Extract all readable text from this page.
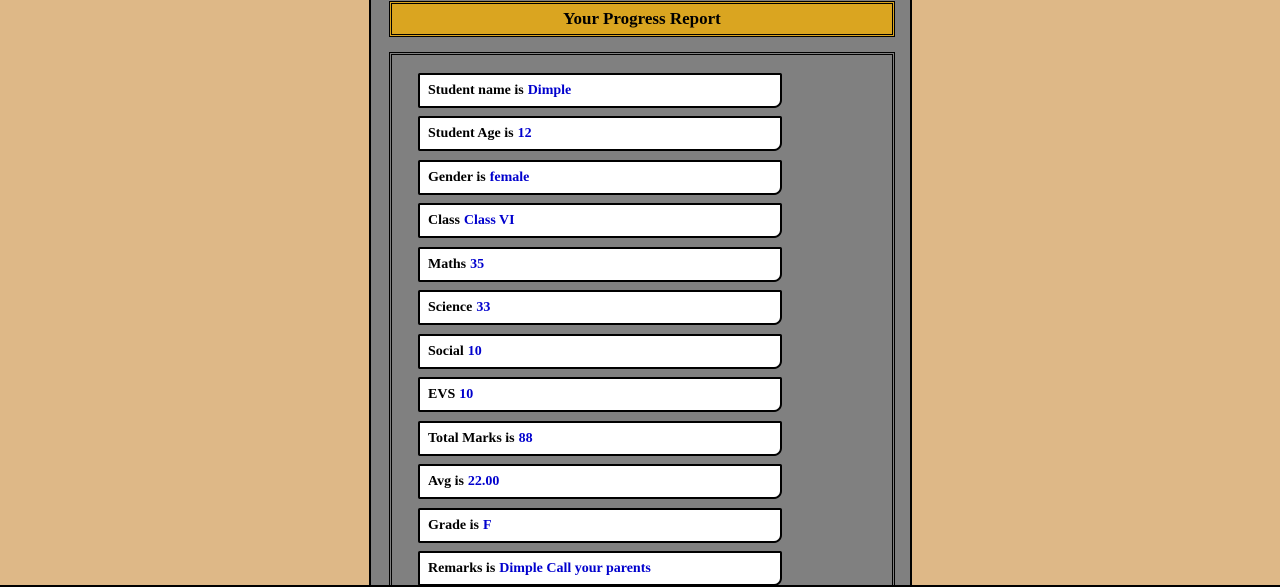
Your Progress Report
Student name is Dimple
Student Age is 12
Gender is female
Class Class VI
Maths 35
Science 33
Social 10
EVS 10
Total Marks is 88
Avg is 22.00
Grade is F
Remarks is Dimple Call your parents
